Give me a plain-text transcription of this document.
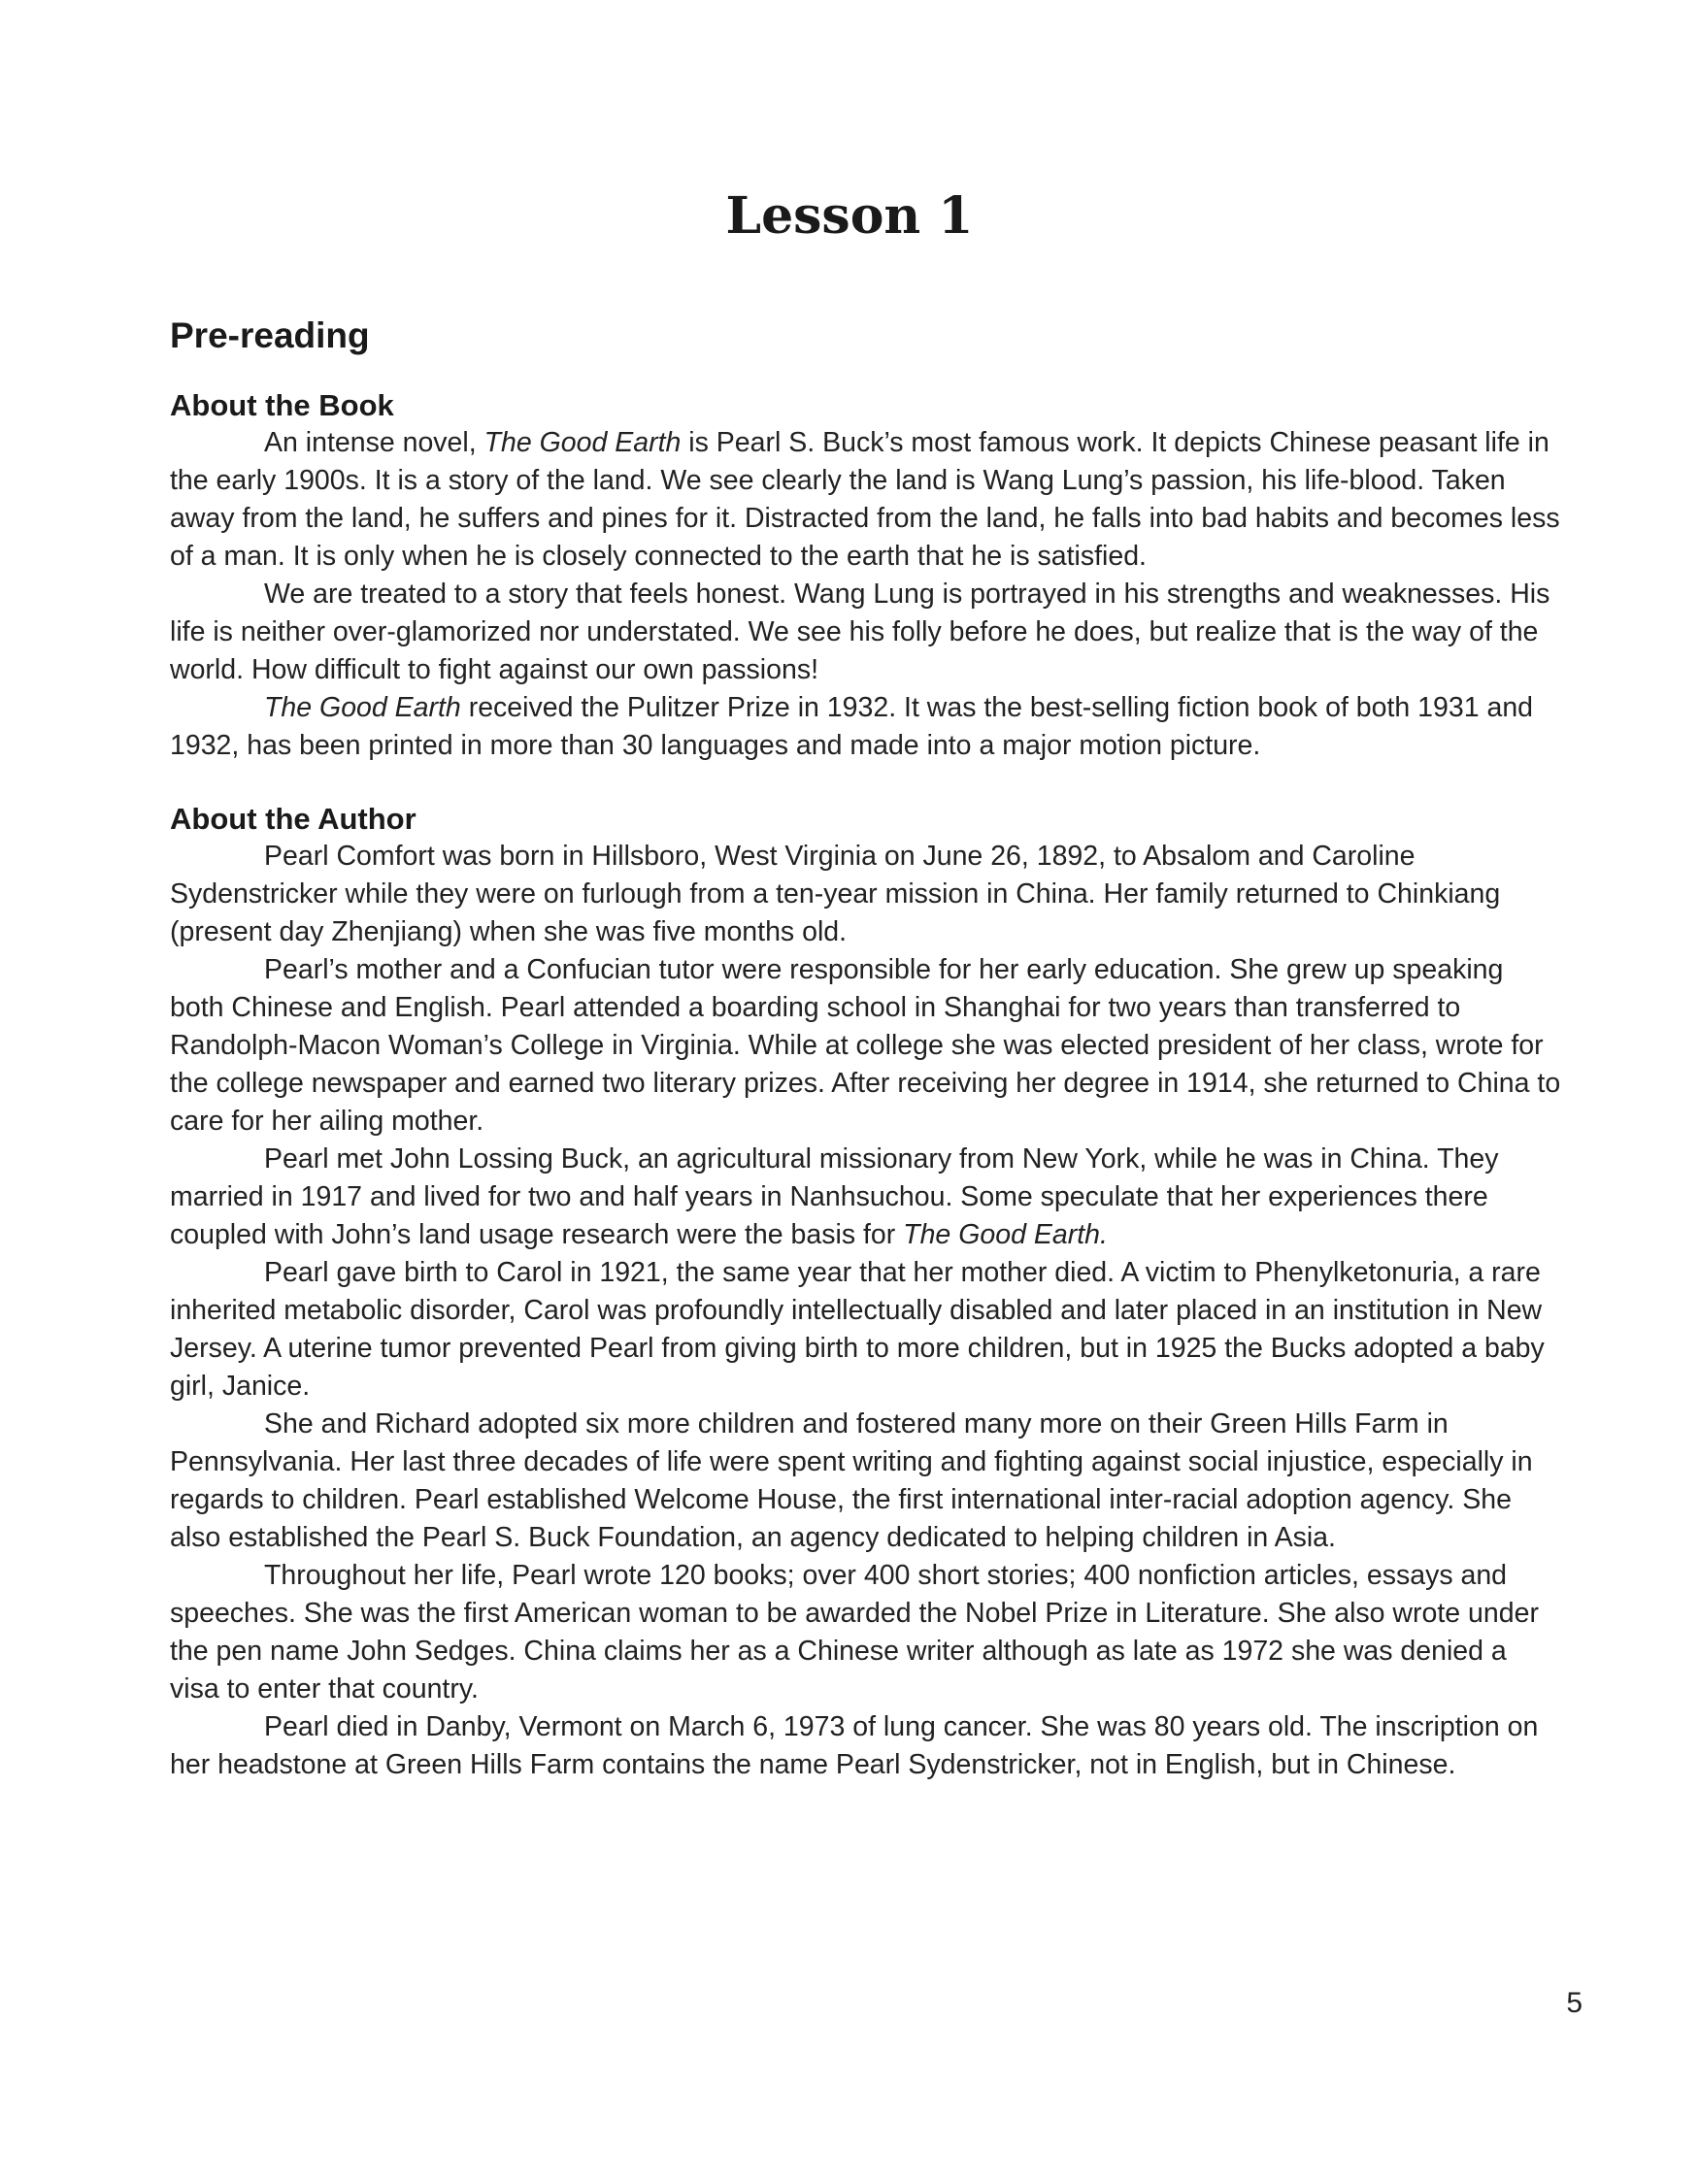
Lesson 1
Pre-reading
About the Book

An intense novel, The Good Earth is Pearl S. Buck’s most famous work. It depicts Chinese peasant life in the early 1900s. It is a story of the land. We see clearly the land is Wang Lung’s passion, his life-blood. Taken away from the land, he suffers and pines for it. Distracted from the land, he falls into bad habits and becomes less of a man. It is only when he is closely connected to the earth that he is satisfied.

We are treated to a story that feels honest. Wang Lung is portrayed in his strengths and weaknesses. His life is neither over-glamorized nor understated. We see his folly before he does, but realize that is the way of the world. How difficult to fight against our own passions!

The Good Earth received the Pulitzer Prize in 1932. It was the best-selling fiction book of both 1931 and 1932, has been printed in more than 30 languages and made into a major motion picture.

About the Author

Pearl Comfort was born in Hillsboro, West Virginia on June 26, 1892, to Absalom and Caroline Sydenstricker while they were on furlough from a ten-year mission in China. Her family returned to Chinkiang (present day Zhenjiang) when she was five months old.

Pearl’s mother and a Confucian tutor were responsible for her early education. She grew up speaking both Chinese and English. Pearl attended a boarding school in Shanghai for two years than transferred to Randolph-Macon Woman’s College in Virginia. While at college she was elected president of her class, wrote for the college newspaper and earned two literary prizes. After receiving her degree in 1914, she returned to China to care for her ailing mother.

Pearl met John Lossing Buck, an agricultural missionary from New York, while he was in China. They married in 1917 and lived for two and half years in Nanhsuchou. Some speculate that her experiences there coupled with John’s land usage research were the basis for The Good Earth.

Pearl gave birth to Carol in 1921, the same year that her mother died. A victim to Phenylketonuria, a rare inherited metabolic disorder, Carol was profoundly intellectually disabled and later placed in an institution in New Jersey. A uterine tumor prevented Pearl from giving birth to more children, but in 1925 the Bucks adopted a baby girl, Janice.

She and Richard adopted six more children and fostered many more on their Green Hills Farm in Pennsylvania. Her last three decades of life were spent writing and fighting against social injustice, especially in regards to children. Pearl established Welcome House, the first international inter-racial adoption agency. She also established the Pearl S. Buck Foundation, an agency dedicated to helping children in Asia.

Throughout her life, Pearl wrote 120 books; over 400 short stories; 400 nonfiction articles, essays and speeches. She was the first American woman to be awarded the Nobel Prize in Literature. She also wrote under the pen name John Sedges. China claims her as a Chinese writer although as late as 1972 she was denied a visa to enter that country.

Pearl died in Danby, Vermont on March 6, 1973 of lung cancer. She was 80 years old. The inscription on her headstone at Green Hills Farm contains the name Pearl Sydenstricker, not in English, but in Chinese.

5
